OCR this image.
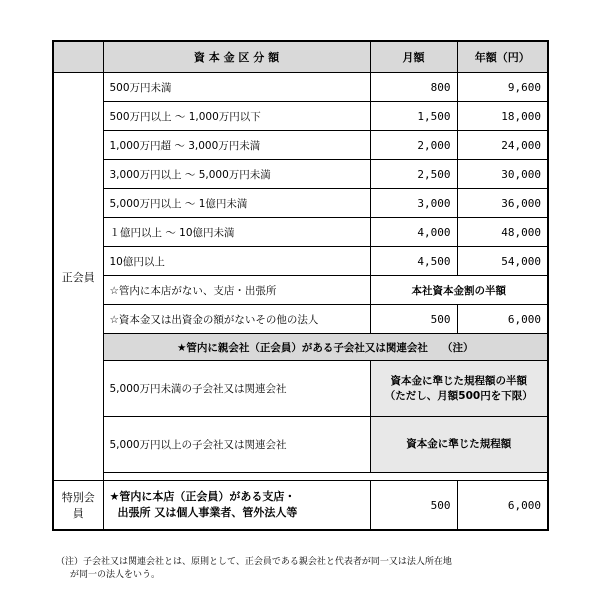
	資 本 金 区 分 額	月額	年額（円）
正会員	500万円未満	800	9,600
	500万円以上 ～ 1,000万円以下	1,500	18,000
	1,000万円超 ～ 3,000万円未満	2,000	24,000
	3,000万円以上 ～ 5,000万円未満	2,500	30,000
	5,000万円以上 ～ 1億円未満	3,000	36,000
	１億円以上 ～ 10億円未満	4,000	48,000
	10億円以上	4,500	54,000
	☆管内に本店がない、支店・出張所	本社資本金割の半額	
	☆資本金又は出資金の額がないその他の法人	500	6,000
	★管内に親会社（正会員）がある子会社又は関連会社　 （注）		
	5,000万円未満の子会社又は関連会社	資本金に準じた規程額の半額
（ただし、月額500円を下限）	

	5,000万円以上の子会社又は関連会社	資本金に準じた規程額	

特別会員	★管内に本店（正会員）がある支店・
出張所 又は個人事業者、管外法人等	500	6,000
（注）子会社又は関連会社とは、原則として、正会員である親会社と代表者が同一又は法人所在地
が同一の法人をいう。
